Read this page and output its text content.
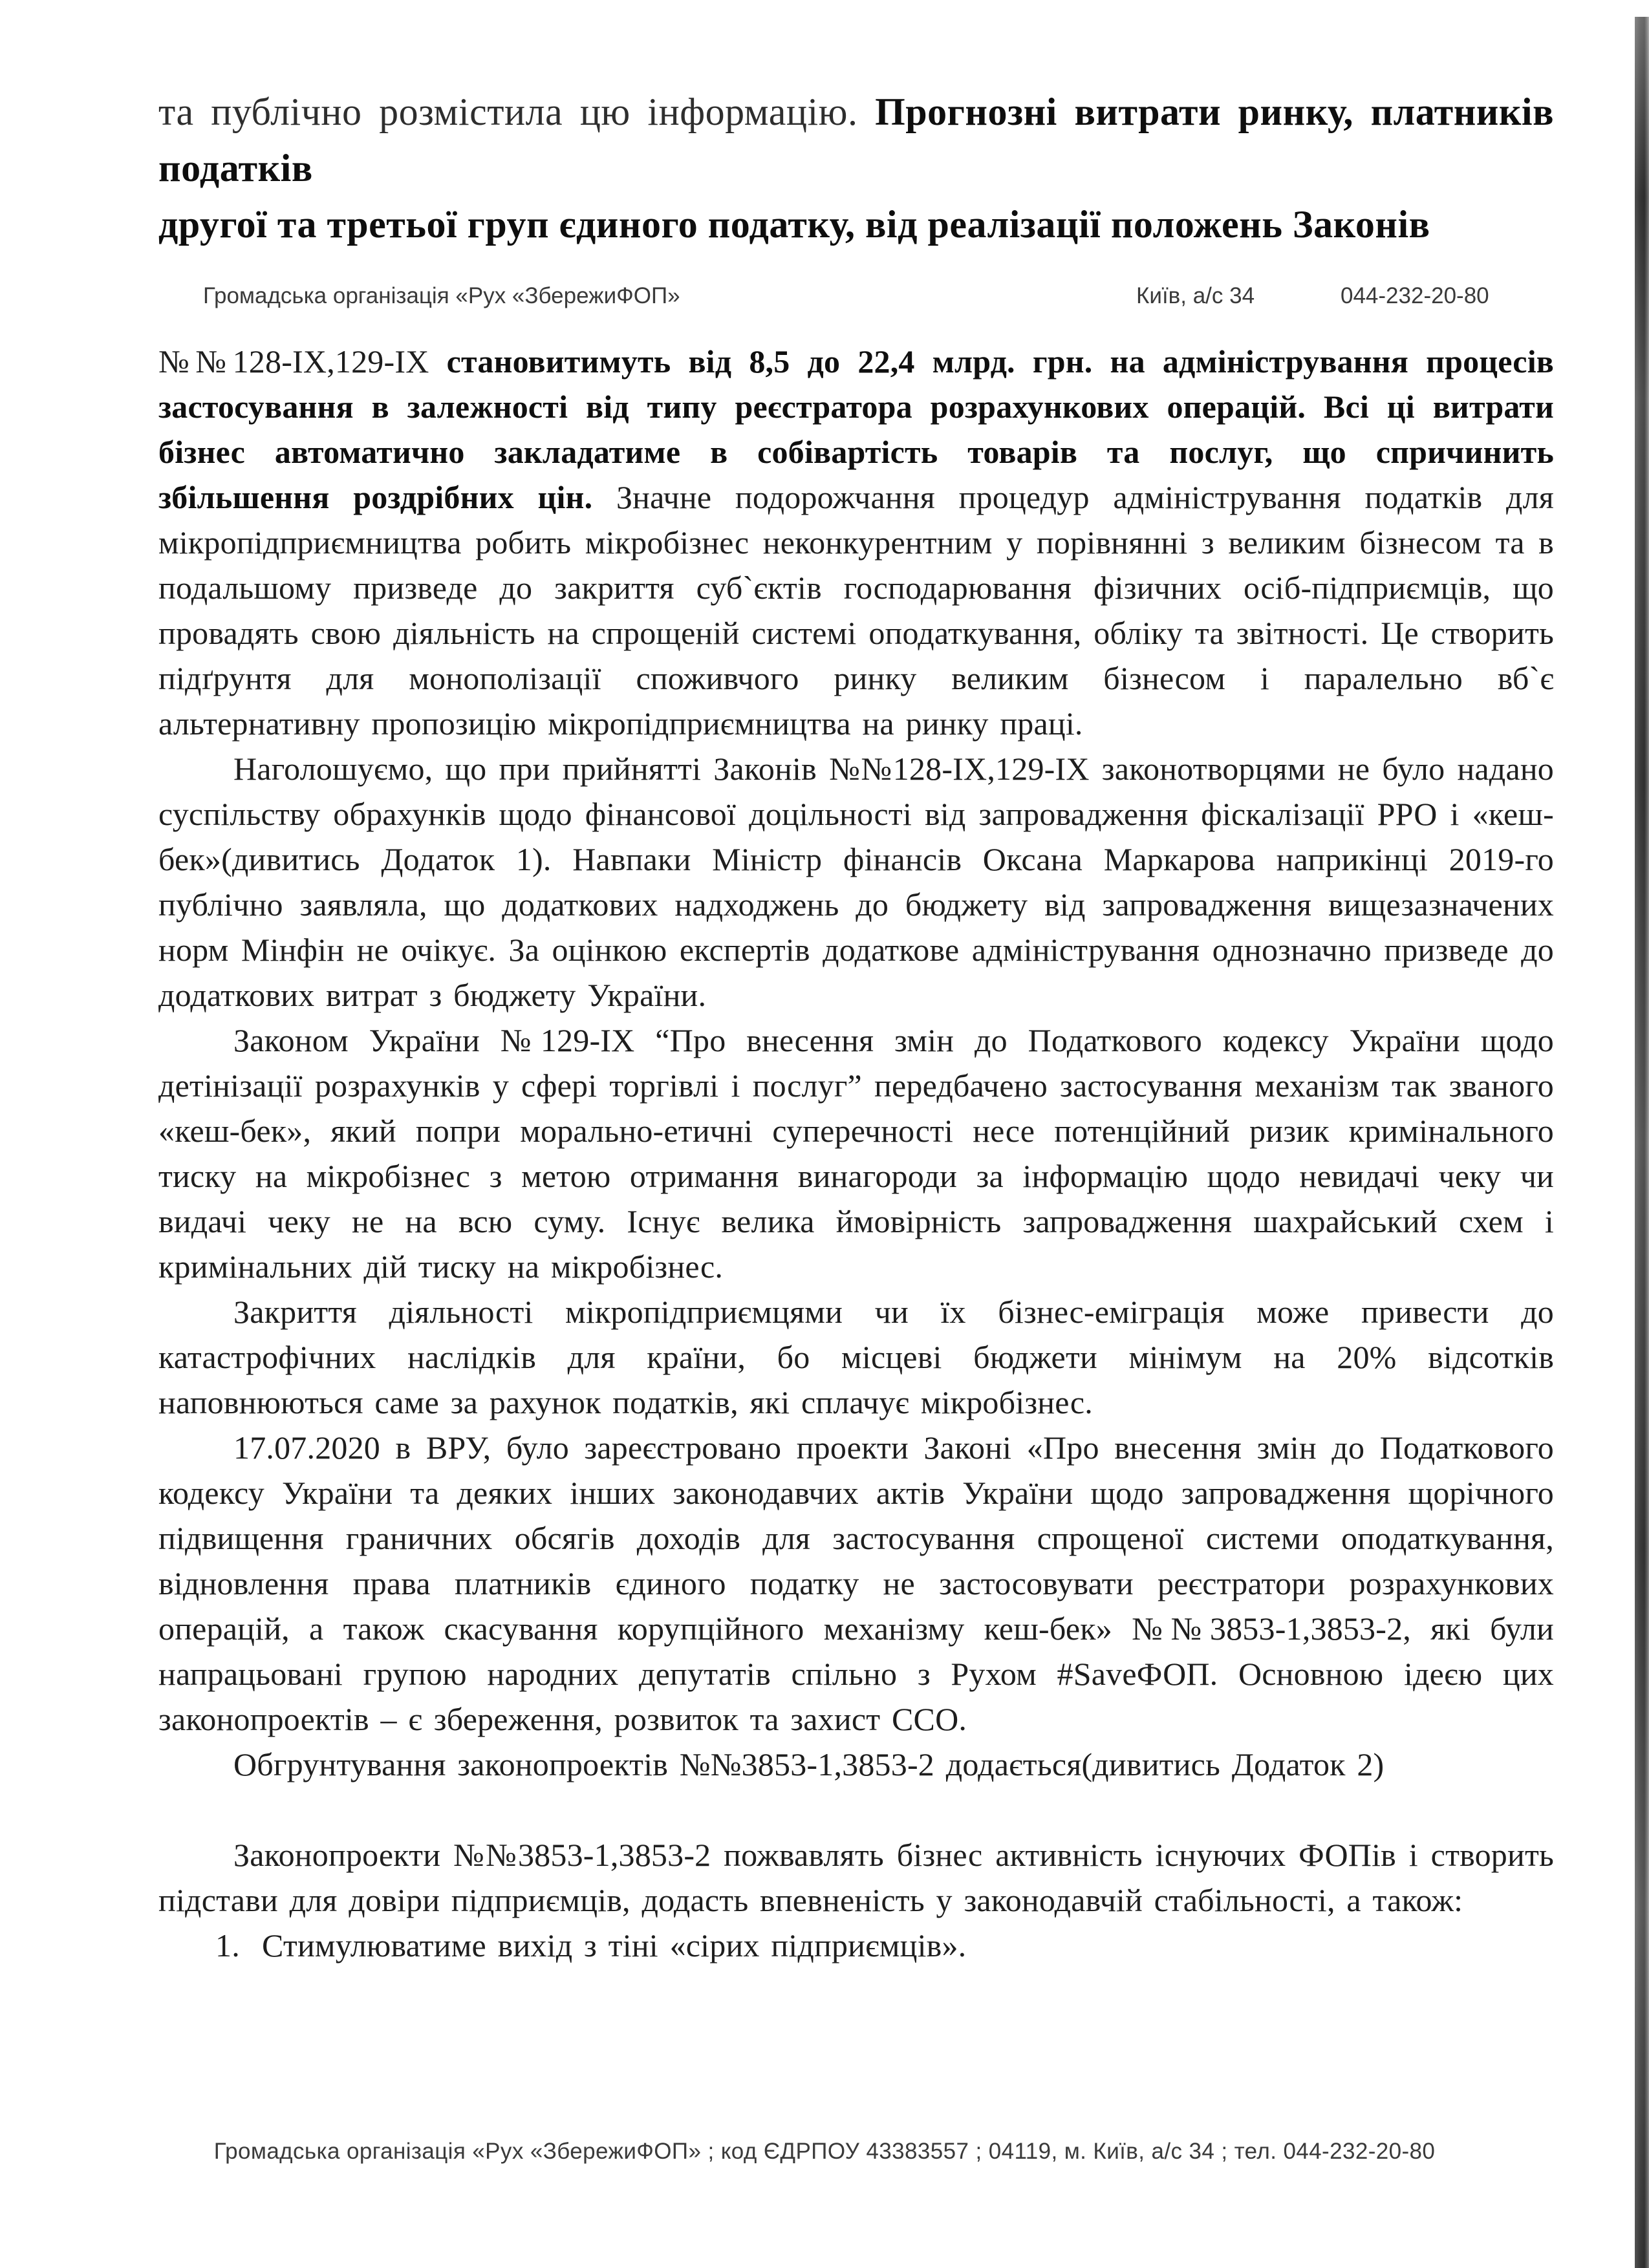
та публічно розмістила цю інформацію. Прогнозні витрати ринку, платників податків
другої та третьої груп єдиного податку, від реалізації положень Законів
Громадська організація «Рух «ЗбережиФОП»	Київ, а/с 34	044-232-20-80

№№128-IX,129-IX становитимуть від 8,5 до 22,4 млрд. грн. на адміністрування процесів застосування в залежності від типу реєстратора розрахункових операцій. Всі ці витрати бізнес автоматично закладатиме в собівартість товарів та послуг, що спричинить збільшення роздрібних цін. Значне подорожчання процедур адміністрування податків для мікропідприємництва робить мікробізнес неконкурентним у порівнянні з великим бізнесом та в подальшому призведе до закриття суб`єктів господарювання фізичних осіб-підприємців, що провадять свою діяльність на спрощеній системі оподаткування, обліку та звітності. Це створить підґрунтя для монополізації споживчого ринку великим бізнесом і паралельно вб`є альтернативну пропозицію мікропідприємництва на ринку праці.

Наголошуємо, що при прийнятті Законів №№128-IX,129-IX законотворцями не було надано суспільству обрахунків щодо фінансової доцільності від запровадження фіскалізації РРО і «кеш-бек»(дивитись Додаток 1). Навпаки Міністр фінансів Оксана Маркарова наприкінці 2019-го публічно заявляла, що додаткових надходжень до бюджету від запровадження вищезазначених норм Мінфін не очікує. За оцінкою експертів додаткове адміністрування однозначно призведе до додаткових витрат з бюджету України.

Законом України №129-IX “Про внесення змін до Податкового кодексу України щодо детінізації розрахунків у сфері торгівлі і послуг” передбачено застосування механізм так званого «кеш-бек», який попри морально-етичні суперечності несе потенційний ризик кримінального тиску на мікробізнес з метою отримання винагороди за інформацію щодо невидачі чеку чи видачі чеку не на всю суму. Існує велика ймовірність запровадження шахрайський схем і кримінальних дій тиску на мікробізнес.

Закриття діяльності мікропідприємцями чи їх бізнес-еміграція може привести до катастрофічних наслідків для країни, бо місцеві бюджети мінімум на 20% відсотків наповнюються саме за рахунок податків, які сплачує мікробізнес.

17.07.2020 в ВРУ, було зареєстровано проекти Законі «Про внесення змін до Податкового кодексу України та деяких інших законодавчих актів України щодо запровадження щорічного підвищення граничних обсягів доходів для застосування спрощеної системи оподаткування, відновлення права платників єдиного податку не застосовувати реєстратори розрахункових операцій, а також скасування корупційного механізму кеш-бек» №№3853-1,3853-2, які були напрацьовані групою народних депутатів спільно з Рухом #SaveФОП. Основною ідеєю цих законопроектів – є збереження, розвиток та захист ССО.

Обгрунтування законопроектів №№3853-1,3853-2 додається(дивитись Додаток 2)

Законопроекти №№3853-1,3853-2 пожвавлять бізнес активність існуючих ФОПів і створить підстави для довіри підприємців, додасть впевненість у законодавчій стабільності, а також:

1. Стимулюватиме вихід з тіні «сірих підприємців».

Громадська організація «Рух «ЗбережиФОП» ; код ЄДРПОУ 43383557 ; 04119, м. Київ, а/с 34 ; тел. 044-232-20-80
